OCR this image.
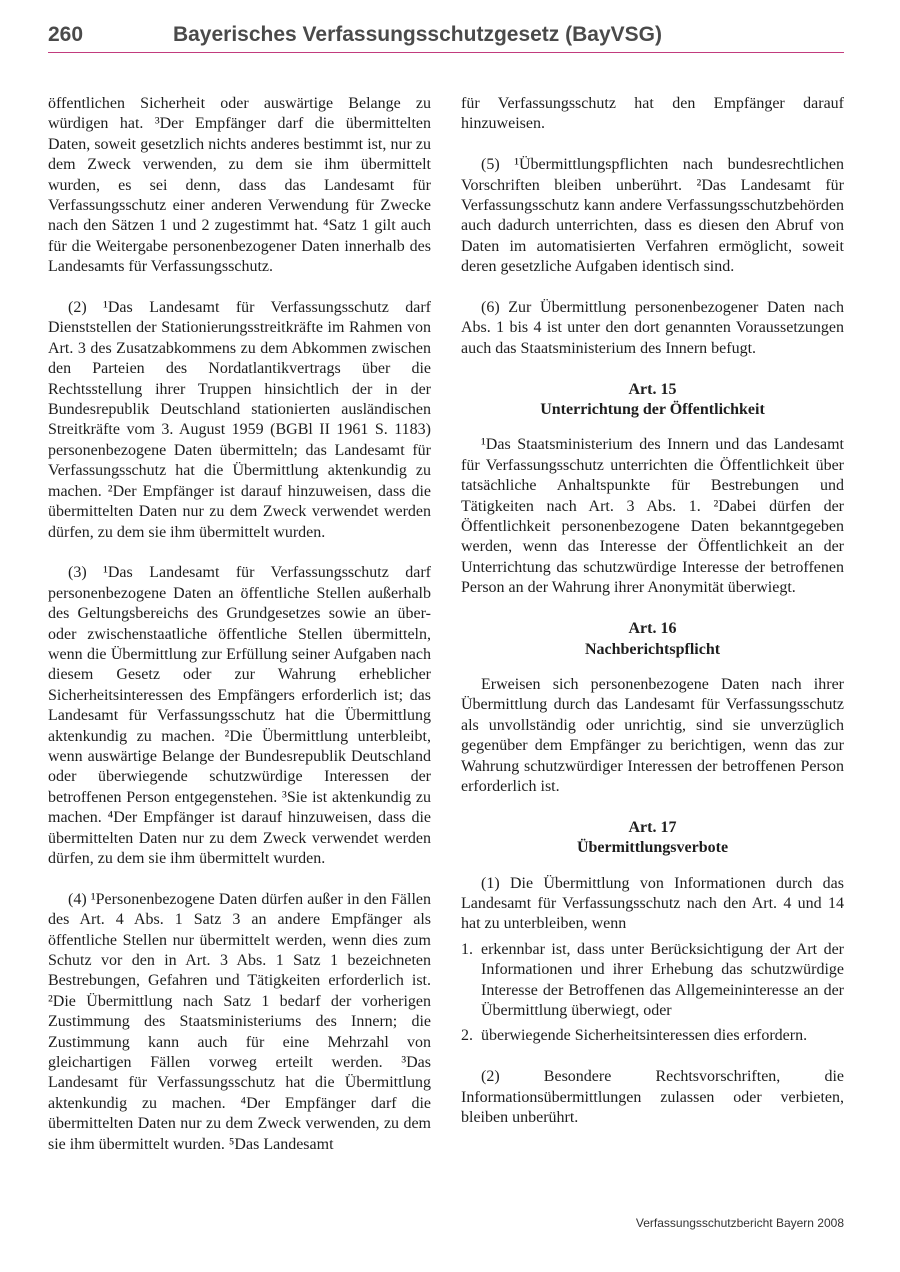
260	Bayerisches Verfassungsschutzgesetz (BayVSG)

öffentlichen Sicherheit oder auswärtige Belange zu würdigen hat. ³Der Empfänger darf die übermittelten Daten, soweit gesetzlich nichts anderes bestimmt ist, nur zu dem Zweck verwenden, zu dem sie ihm übermittelt wurden, es sei denn, dass das Landesamt für Verfassungsschutz einer anderen Verwendung für Zwecke nach den Sätzen 1 und 2 zugestimmt hat. ⁴Satz 1 gilt auch für die Weitergabe personenbezogener Daten innerhalb des Landesamts für Verfassungsschutz.

(2) ¹Das Landesamt für Verfassungsschutz darf Dienststellen der Stationierungsstreitkräfte im Rahmen von Art. 3 des Zusatzabkommens zu dem Abkommen zwischen den Parteien des Nordatlantikvertrags über die Rechtsstellung ihrer Truppen hinsichtlich der in der Bundesrepublik Deutschland stationierten ausländischen Streitkräfte vom 3. August 1959 (BGBl II 1961 S. 1183) personenbezogene Daten übermitteln; das Landesamt für Verfassungsschutz hat die Übermittlung aktenkundig zu machen. ²Der Empfänger ist darauf hinzuweisen, dass die übermittelten Daten nur zu dem Zweck verwendet werden dürfen, zu dem sie ihm übermittelt wurden.

(3) ¹Das Landesamt für Verfassungsschutz darf personenbezogene Daten an öffentliche Stellen außerhalb des Geltungsbereichs des Grundgesetzes sowie an über- oder zwischenstaatliche öffentliche Stellen übermitteln, wenn die Übermittlung zur Erfüllung seiner Aufgaben nach diesem Gesetz oder zur Wahrung erheblicher Sicherheitsinteressen des Empfängers erforderlich ist; das Landesamt für Verfassungsschutz hat die Übermittlung aktenkundig zu machen. ²Die Übermittlung unterbleibt, wenn auswärtige Belange der Bundesrepublik Deutschland oder überwiegende schutzwürdige Interessen der betroffenen Person entgegenstehen. ³Sie ist aktenkundig zu machen. ⁴Der Empfänger ist darauf hinzuweisen, dass die übermittelten Daten nur zu dem Zweck verwendet werden dürfen, zu dem sie ihm übermittelt wurden.

(4) ¹Personenbezogene Daten dürfen außer in den Fällen des Art. 4 Abs. 1 Satz 3 an andere Empfänger als öffentliche Stellen nur übermittelt werden, wenn dies zum Schutz vor den in Art. 3 Abs. 1 Satz 1 bezeichneten Bestrebungen, Gefahren und Tätigkeiten erforderlich ist. ²Die Übermittlung nach Satz 1 bedarf der vorherigen Zustimmung des Staatsministeriums des Innern; die Zustimmung kann auch für eine Mehrzahl von gleichartigen Fällen vorweg erteilt werden. ³Das Landesamt für Verfassungsschutz hat die Übermittlung aktenkundig zu machen. ⁴Der Empfänger darf die übermittelten Daten nur zu dem Zweck verwenden, zu dem sie ihm übermittelt wurden. ⁵Das Landesamt

für Verfassungsschutz hat den Empfänger darauf hinzuweisen.

(5) ¹Übermittlungspflichten nach bundesrechtlichen Vorschriften bleiben unberührt. ²Das Landesamt für Verfassungsschutz kann andere Verfassungsschutzbehörden auch dadurch unterrichten, dass es diesen den Abruf von Daten im automatisierten Verfahren ermöglicht, soweit deren gesetzliche Aufgaben identisch sind.

(6) Zur Übermittlung personenbezogener Daten nach Abs. 1 bis 4 ist unter den dort genannten Voraussetzungen auch das Staatsministerium des Innern befugt.

Art. 15

Unterrichtung der Öffentlichkeit

¹Das Staatsministerium des Innern und das Landesamt für Verfassungsschutz unterrichten die Öffentlichkeit über tatsächliche Anhaltspunkte für Bestrebungen und Tätigkeiten nach Art. 3 Abs. 1. ²Dabei dürfen der Öffentlichkeit personenbezogene Daten bekanntgegeben werden, wenn das Interesse der Öffentlichkeit an der Unterrichtung das schutzwürdige Interesse der betroffenen Person an der Wahrung ihrer Anonymität überwiegt.

Art. 16

Nachberichtspflicht

Erweisen sich personenbezogene Daten nach ihrer Übermittlung durch das Landesamt für Verfassungsschutz als unvollständig oder unrichtig, sind sie unverzüglich gegenüber dem Empfänger zu berichtigen, wenn das zur Wahrung schutzwürdiger Interessen der betroffenen Person erforderlich ist.

Art. 17

Übermittlungsverbote

(1) Die Übermittlung von Informationen durch das Landesamt für Verfassungsschutz nach den Art. 4 und 14 hat zu unterbleiben, wenn

1. erkennbar ist, dass unter Berücksichtigung der Art der Informationen und ihrer Erhebung das schutzwürdige Interesse der Betroffenen das Allgemeininteresse an der Übermittlung überwiegt, oder
2. überwiegende Sicherheitsinteressen dies erfordern.

(2) Besondere Rechtsvorschriften, die Informationsübermittlungen zulassen oder verbieten, bleiben unberührt.

Verfassungsschutzbericht Bayern 2008
